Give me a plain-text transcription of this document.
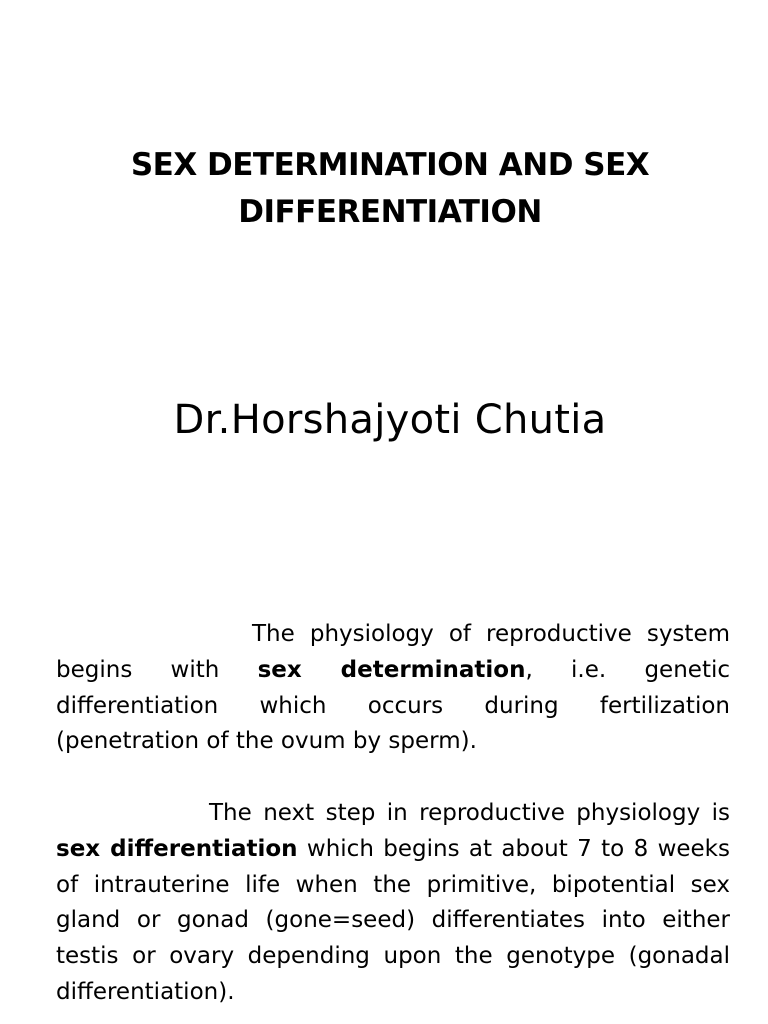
SEX DETERMINATION AND SEX
DIFFERENTIATION
Dr.Horshajyoti Chutia

The physiology of reproductive system begins with sex determination, i.e. genetic differentiation which occurs during fertilization (penetration of the ovum by sperm).

The next step in reproductive physiology is sex differentiation which begins at about 7 to 8 weeks of intrauterine life when the primitive, bipotential sex gland or gonad (gone=seed) differentiates into either testis or ovary depending upon the genotype (gonadal differentiation).
